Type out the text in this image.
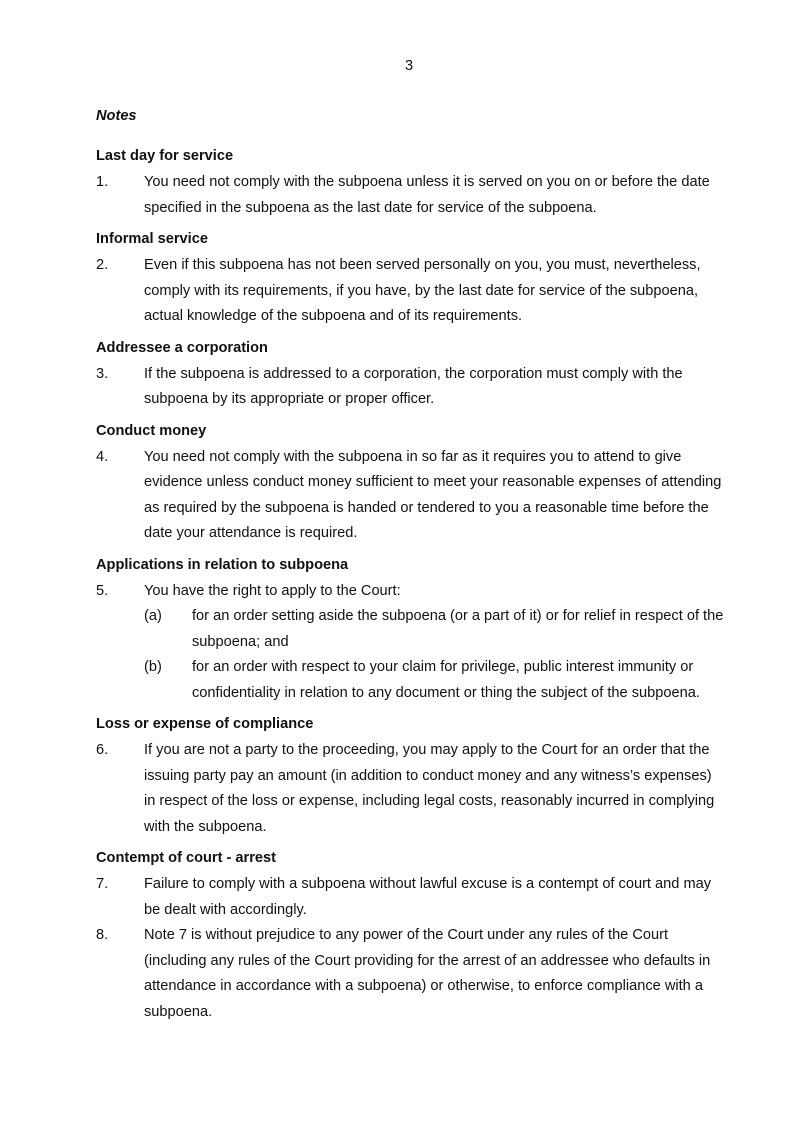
3
Notes
Last day for service
1.	You need not comply with the subpoena unless it is served on you on or before the date specified in the subpoena as the last date for service of the subpoena.
Informal service
2.	Even if this subpoena has not been served personally on you, you must, nevertheless, comply with its requirements, if you have, by the last date for service of the subpoena, actual knowledge of the subpoena and of its requirements.
Addressee a corporation
3.	If the subpoena is addressed to a corporation, the corporation must comply with the subpoena by its appropriate or proper officer.
Conduct money
4.	You need not comply with the subpoena in so far as it requires you to attend to give evidence unless conduct money sufficient to meet your reasonable expenses of attending as required by the subpoena is handed or tendered to you a reasonable time before the date your attendance is required.
Applications in relation to subpoena
5.	You have the right to apply to the Court:
(a)	for an order setting aside the subpoena (or a part of it) or for relief in respect of the subpoena; and
(b)	for an order with respect to your claim for privilege, public interest immunity or confidentiality in relation to any document or thing the subject of the subpoena.
Loss or expense of compliance
6.	If you are not a party to the proceeding, you may apply to the Court for an order that the issuing party pay an amount (in addition to conduct money and any witness’s expenses) in respect of the loss or expense, including legal costs, reasonably incurred in complying with the subpoena.
Contempt of court - arrest
7.	Failure to comply with a subpoena without lawful excuse is a contempt of court and may be dealt with accordingly.
8.	Note 7 is without prejudice to any power of the Court under any rules of the Court (including any rules of the Court providing for the arrest of an addressee who defaults in attendance in accordance with a subpoena) or otherwise, to enforce compliance with a subpoena.
